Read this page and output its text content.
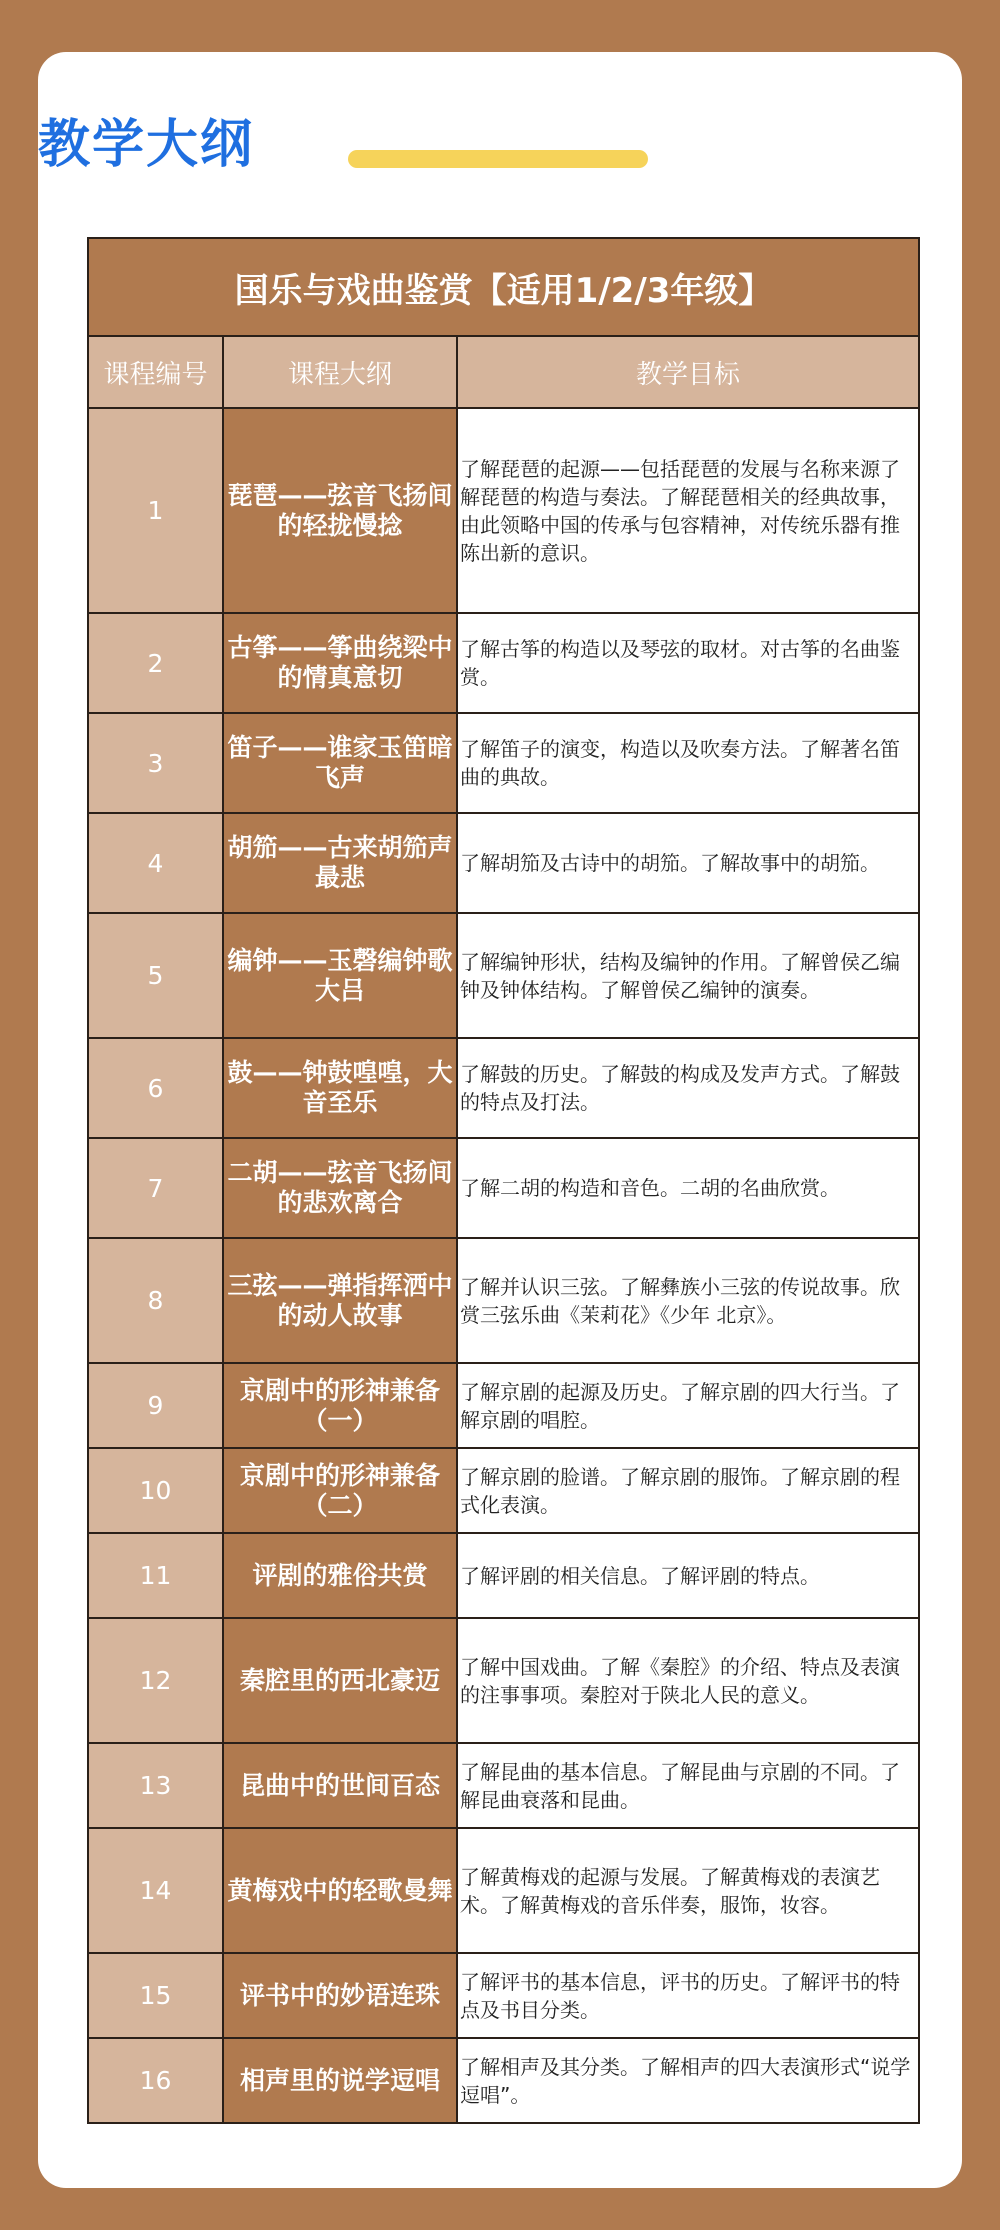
教学大纲
国乐与戏曲鉴赏【适用1/2/3年级】		
课程编号	课程大纲	教学目标
1	琵琶——弦音飞扬间的轻拢慢捻	了解琵琶的起源——包括琵琶的发展与名称来源了解琵琶的构造与奏法。了解琵琶相关的经典故事，由此领略中国的传承与包容精神，对传统乐器有推陈出新的意识。
2	古筝——筝曲绕梁中的情真意切	了解古筝的构造以及琴弦的取材。对古筝的名曲鉴赏。
3	笛子——谁家玉笛暗飞声	了解笛子的演变，构造以及吹奏方法。了解著名笛曲的典故。
4	胡笳——古来胡笳声最悲	了解胡笳及古诗中的胡笳。了解故事中的胡笳。
5	编钟——玉磬编钟歌大吕	了解编钟形状，结构及编钟的作用。了解曾侯乙编钟及钟体结构。了解曾侯乙编钟的演奏。
6	鼓——钟鼓喤喤，大音至乐	了解鼓的历史。了解鼓的构成及发声方式。了解鼓的特点及打法。
7	二胡——弦音飞扬间的悲欢离合	了解二胡的构造和音色。二胡的名曲欣赏。
8	三弦——弹指挥洒中的动人故事	了解并认识三弦。了解彝族小三弦的传说故事。欣赏三弦乐曲《茉莉花》《少年 北京》。
9	京剧中的形神兼备（一）	了解京剧的起源及历史。了解京剧的四大行当。了解京剧的唱腔。
10	京剧中的形神兼备（二）	了解京剧的脸谱。了解京剧的服饰。了解京剧的程式化表演。
11	评剧的雅俗共赏	了解评剧的相关信息。了解评剧的特点。
12	秦腔里的西北豪迈	了解中国戏曲。了解《秦腔》的介绍、特点及表演的注事事项。秦腔对于陕北人民的意义。
13	昆曲中的世间百态	了解昆曲的基本信息。了解昆曲与京剧的不同。了解昆曲衰落和昆曲。
14	黄梅戏中的轻歌曼舞	了解黄梅戏的起源与发展。了解黄梅戏的表演艺术。了解黄梅戏的音乐伴奏，服饰，妆容。
15	评书中的妙语连珠	了解评书的基本信息，评书的历史。了解评书的特点及书目分类。
16	相声里的说学逗唱	了解相声及其分类。了解相声的四大表演形式“说学逗唱”。
